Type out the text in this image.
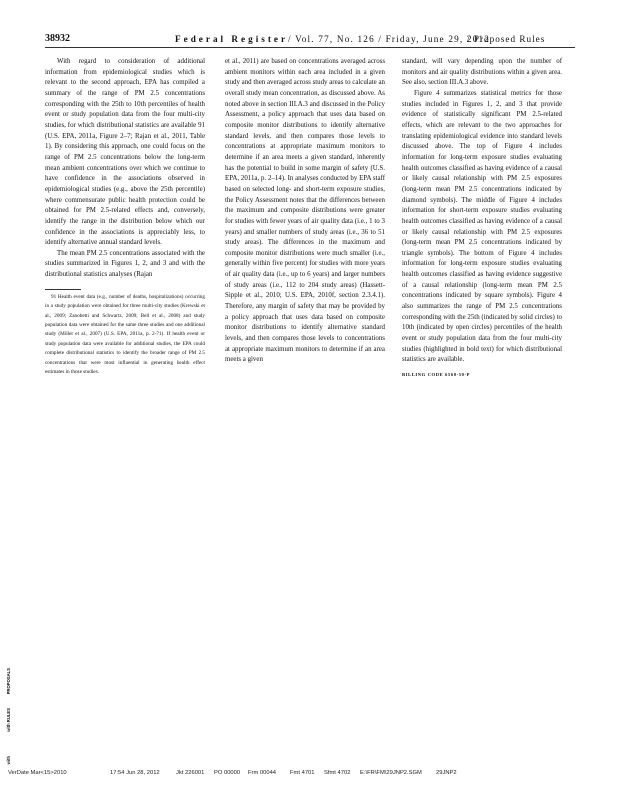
38932	Federal Register / Vol. 77, No. 126 / Friday, June 29, 2012
/ Proposed Rules

With regard to consideration of additional information from epidemiological studies which is relevant to the second approach, EPA has compiled a summary of the range of PM 2.5 concentrations corresponding with the 25th to 10th percentiles of health event or study population data from the four multi-city studies, for which distributional statistics are available 91 (U.S. EPA, 2011a, Figure 2–7; Rajan et al., 2011, Table 1). By considering this approach, one could focus on the range of PM 2.5 concentrations below the long-term mean ambient concentrations over which we continue to have confidence in the associations observed in epidemiological studies (e.g., above the 25th percentile) where commensurate public health protection could be obtained for PM 2.5-related effects and, conversely, identify the range in the distribution below which our confidence in the associations is appreciably less, to identify alternative annual standard levels.

The mean PM 2.5 concentrations associated with the studies summarized in Figures 1, 2, and 3 and with the distributional statistics analyses (Rajan

91 Health event data (e.g., number of deaths, hospitalizations) occurring in a study population were obtained for three multi-city studies (Krewski et al., 2009; Zanobetti and Schwartz, 2009; Bell et al., 2008) and study population data were obtained for the same three studies and one additional study (Miller et al., 2007) (U.S. EPA, 2011a, p. 2-71). If health event or study population data were available for additional studies, the EPA could complete distributional statistics to identify the broader range of PM 2.5 concentrations that were most influential in generating health effect estimates in those studies.

et al., 2011) are based on concentrations averaged across ambient monitors within each area included in a given study and then averaged across study areas to calculate an overall study mean concentration, as discussed above. As noted above in section III.A.3 and discussed in the Policy Assessment, a policy approach that uses data based on composite monitor distributions to identify alternative standard levels, and then compares those levels to concentrations at appropriate maximum monitors to determine if an area meets a given standard, inherently has the potential to build in some margin of safety (U.S. EPA, 2011a, p. 2–14). In analyses conducted by EPA staff based on selected long- and short-term exposure studies, the Policy Assessment notes that the differences between the maximum and composite distributions were greater for studies with fewer years of air quality data (i.e., 1 to 3 years) and smaller numbers of study areas (i.e., 36 to 51 study areas). The differences in the maximum and composite monitor distributions were much smaller (i.e., generally within five percent) for studies with more years of air quality data (i.e., up to 6 years) and larger numbers of study areas (i.e., 112 to 204 study areas) (Hassett-Sipple et al., 2010; U.S. EPA, 2010f, section 2.3.4.1). Therefore, any margin of safety that may be provided by a policy approach that uses data based on composite monitor distributions to identify alternative standard levels, and then compares those levels to concentrations at appropriate maximum monitors to determine if an area meets a given

standard, will vary depending upon the number of monitors and air quality distributions within a given area. See also, section III.A.3 above.

Figure 4 summarizes statistical metrics for those studies included in Figures 1, 2, and 3 that provide evidence of statistically significant PM 2.5-related effects, which are relevant to the two approaches for translating epidemiological evidence into standard levels discussed above. The top of Figure 4 includes information for long-term exposure studies evaluating health outcomes classified as having evidence of a causal or likely causal relationship with PM 2.5 exposures (long-term mean PM 2.5 concentrations indicated by diamond symbols). The middle of Figure 4 includes information for short-term exposure studies evaluating health outcomes classified as having evidence of a causal or likely causal relationship with PM 2.5 exposures (long-term mean PM 2.5 concentrations indicated by triangle symbols). The bottom of Figure 4 includes information for long-term exposure studies evaluating health outcomes classified as having evidence suggestive of a causal relationship (long-term mean PM 2.5 concentrations indicated by square symbols). Figure 4 also summarizes the range of PM 2.5 concentrations corresponding with the 25th (indicated by solid circles) to 10th (indicated by open circles) percentiles of the health event or study population data from the four multi-city studies (highlighted in bold text) for which distributional statistics are available.

BILLING CODE 6560-50-P
PROPOSALS
with RULES
with
VerDate Mar<15>2010	17:54 Jun 28, 2012	Jkt 226001 PO 00000 Frm 00044 Fmt 4701 Sfmt 4702 E:\FR\FM\29JNP2.SGM 29JNP2
